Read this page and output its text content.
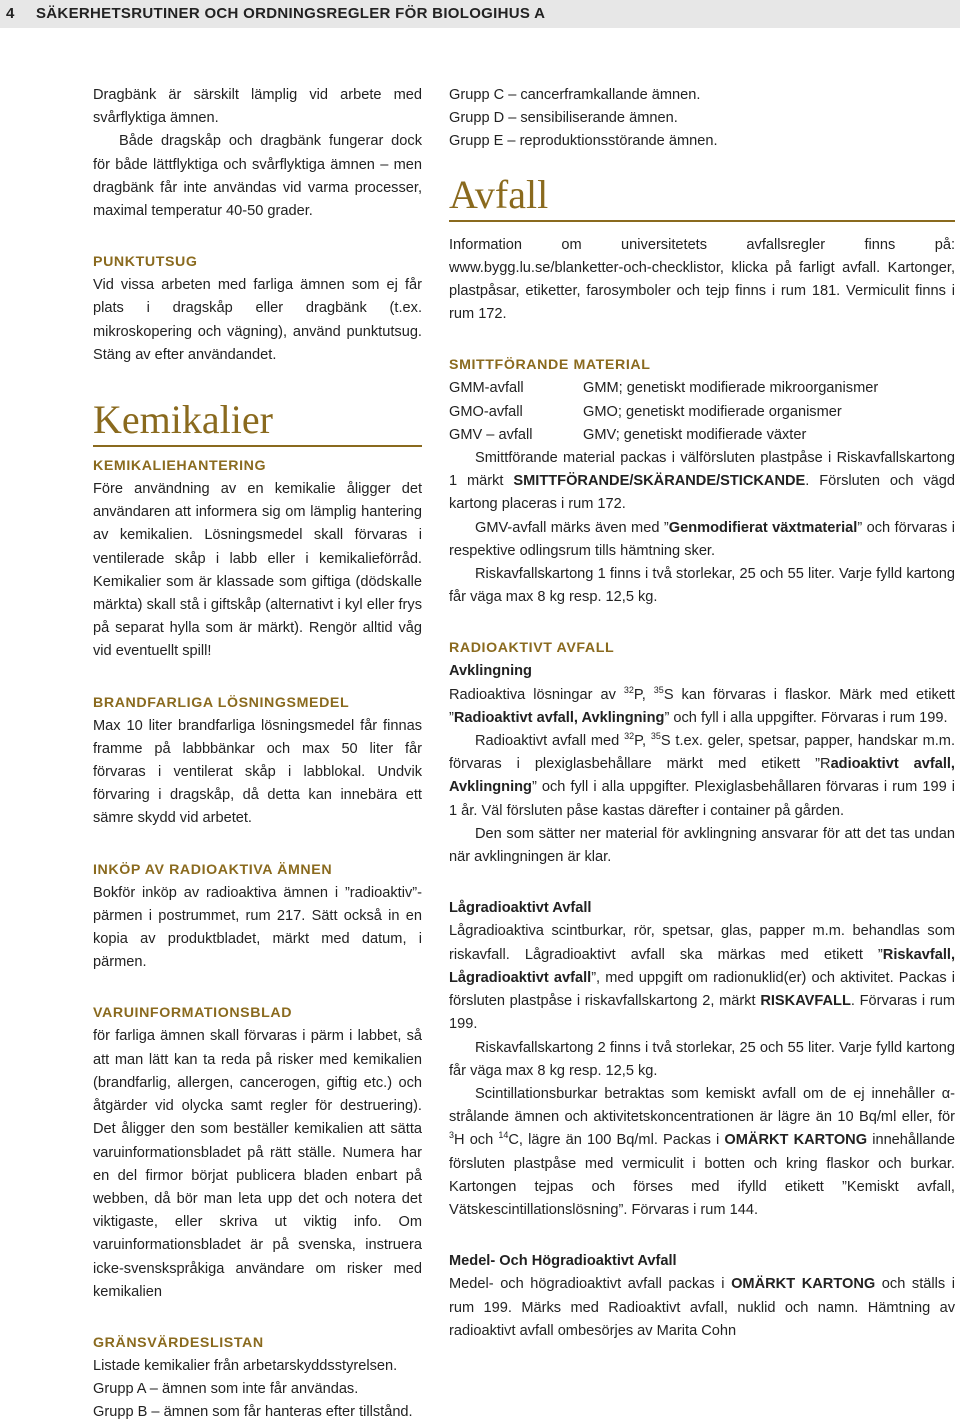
4 SÄKERHETSRUTINER OCH ORDNINGSREGLER FÖR BIOLOGIHUS A

Dragbänk är särskilt lämplig vid arbete med svårflyktiga ämnen.

Både dragskåp och dragbänk fungerar dock för både lättflyktiga och svårflyktiga ämnen – men dragbänk får inte användas vid varma processer, maximal temperatur 40-50 grader.

PUNKTUTSUG

Vid vissa arbeten med farliga ämnen som ej får plats i dragskåp eller dragbänk (t.ex. mikroskopering och vägning), använd punktutsug. Stäng av efter användandet.

Kemikalier
KEMIKALIEHANTERING

Före användning av en kemikalie åligger det användaren att informera sig om lämplig hantering av kemikalien. Lösningsmedel skall förvaras i ventilerade skåp i labb eller i kemikalieförråd. Kemikalier som är klassade som giftiga (dödskalle märkta) skall stå i giftskåp (alternativt i kyl eller frys på separat hylla som är märkt). Rengör alltid våg vid eventuellt spill!

BRANDFARLIGA LÖSNINGSMEDEL

Max 10 liter brandfarliga lösningsmedel får finnas framme på labbbänkar och max 50 liter får förvaras i ventilerat skåp i labblokal. Undvik förvaring i dragskåp, då detta kan innebära ett sämre skydd vid arbetet.

INKÖP AV RADIOAKTIVA ÄMNEN

Bokför inköp av radioaktiva ämnen i ”radioaktiv”-pärmen i postrummet, rum 217. Sätt också in en kopia av produktbladet, märkt med datum, i pärmen.

VARUINFORMATIONSBLAD

för farliga ämnen skall förvaras i pärm i labbet, så att man lätt kan ta reda på risker med kemikalien (brandfarlig, allergen, cancerogen, giftig etc.) och åtgärder vid olycka samt regler för destruering). Det åligger den som beställer kemikalien att sätta varuinformationsbladet på rätt ställe. Numera har en del firmor börjat publicera bladen enbart på webben, då bör man leta upp det och notera det viktigaste, eller skriva ut viktig info. Om varuinformationsbladet är på svenska, instruera icke-svenskspråkiga användare om risker med kemikalien

GRÄNSVÄRDESLISTAN

Listade kemikalier från arbetarskyddsstyrelsen.

Grupp A – ämnen som inte får användas.

Grupp B – ämnen som får hanteras efter tillstånd.

Grupp C – cancerframkallande ämnen.

Grupp D – sensibiliserande ämnen.

Grupp E – reproduktionsstörande ämnen.

Avfall

Information om universitetets avfallsregler finns på: www.bygg.lu.se/blanketter-och-checklistor, klicka på farligt avfall. Kartonger, plastpåsar, etiketter, farosymboler och tejp finns i rum 181. Vermiculit finns i rum 172.

SMITTFÖRANDE MATERIAL
GMM-avfall	GMM; genetiskt modifierade mikroorganismer
GMO-avfall	GMO; genetiskt modifierade organismer
GMV – avfall	GMV; genetiskt modifierade växter

Smittförande material packas i välförsluten plastpåse i Riskavfallskartong 1 märkt SMITTFÖRANDE/SKÄRANDE/STICKANDE. Försluten och vägd kartong placeras i rum 172.

GMV-avfall märks även med ”Genmodifierat växtmaterial” och förvaras i respektive odlingsrum tills hämtning sker.

Riskavfallskartong 1 finns i två storlekar, 25 och 55 liter. Varje fylld kartong får väga max 8 kg resp. 12,5 kg.

RADIOAKTIVT AVFALL

Avklingning

Radioaktiva lösningar av $^{32}$P, $^{35}$S kan förvaras i flaskor. Märk med etikett ”Radioaktivt avfall, Avklingning” och fyll i alla uppgifter. Förvaras i rum 199.

Radioaktivt avfall med $^{32}$P, $^{35}$S t.ex. geler, spetsar, papper, handskar m.m. förvaras i plexiglasbehållare märkt med etikett ”Radioaktivt avfall, Avklingning” och fyll i alla uppgifter. Plexiglasbehållaren förvaras i rum 199 i 1 år. Väl försluten påse kastas därefter i container på gården.

Den som sätter ner material för avklingning ansvarar för att det tas undan när avklingningen är klar.

Lågradioaktivt Avfall

Lågradioaktiva scintburkar, rör, spetsar, glas, papper m.m. behandlas som riskavfall. Lågradioaktivt avfall ska märkas med etikett ”Riskavfall, Lågradioaktivt avfall”, med uppgift om radionuklid(er) och aktivitet. Packas i försluten plastpåse i riskavfallskartong 2, märkt RISKAVFALL. Förvaras i rum 199.

Riskavfallskartong 2 finns i två storlekar, 25 och 55 liter. Varje fylld kartong får väga max 8 kg resp. 12,5 kg.

Scintillationsburkar betraktas som kemiskt avfall om de ej innehåller α-strålande ämnen och aktivitetskoncentrationen är lägre än 10 Bq/ml eller, för $^3$H och $^{14}$C, lägre än 100 Bq/ml. Packas i OMÄRKT KARTONG innehållande försluten plastpåse med vermiculit i botten och kring flaskor och burkar. Kartongen tejpas och förses med ifylld etikett ”Kemiskt avfall, Vätskescintillationslösning”. Förvaras i rum 144.

Medel- Och Högradioaktivt Avfall

Medel- och högradioaktivt avfall packas i OMÄRKT KARTONG och ställs i rum 199. Märks med Radioaktivt avfall, nuklid och namn. Hämtning av radioaktivt avfall ombesörjes av Marita Cohn
